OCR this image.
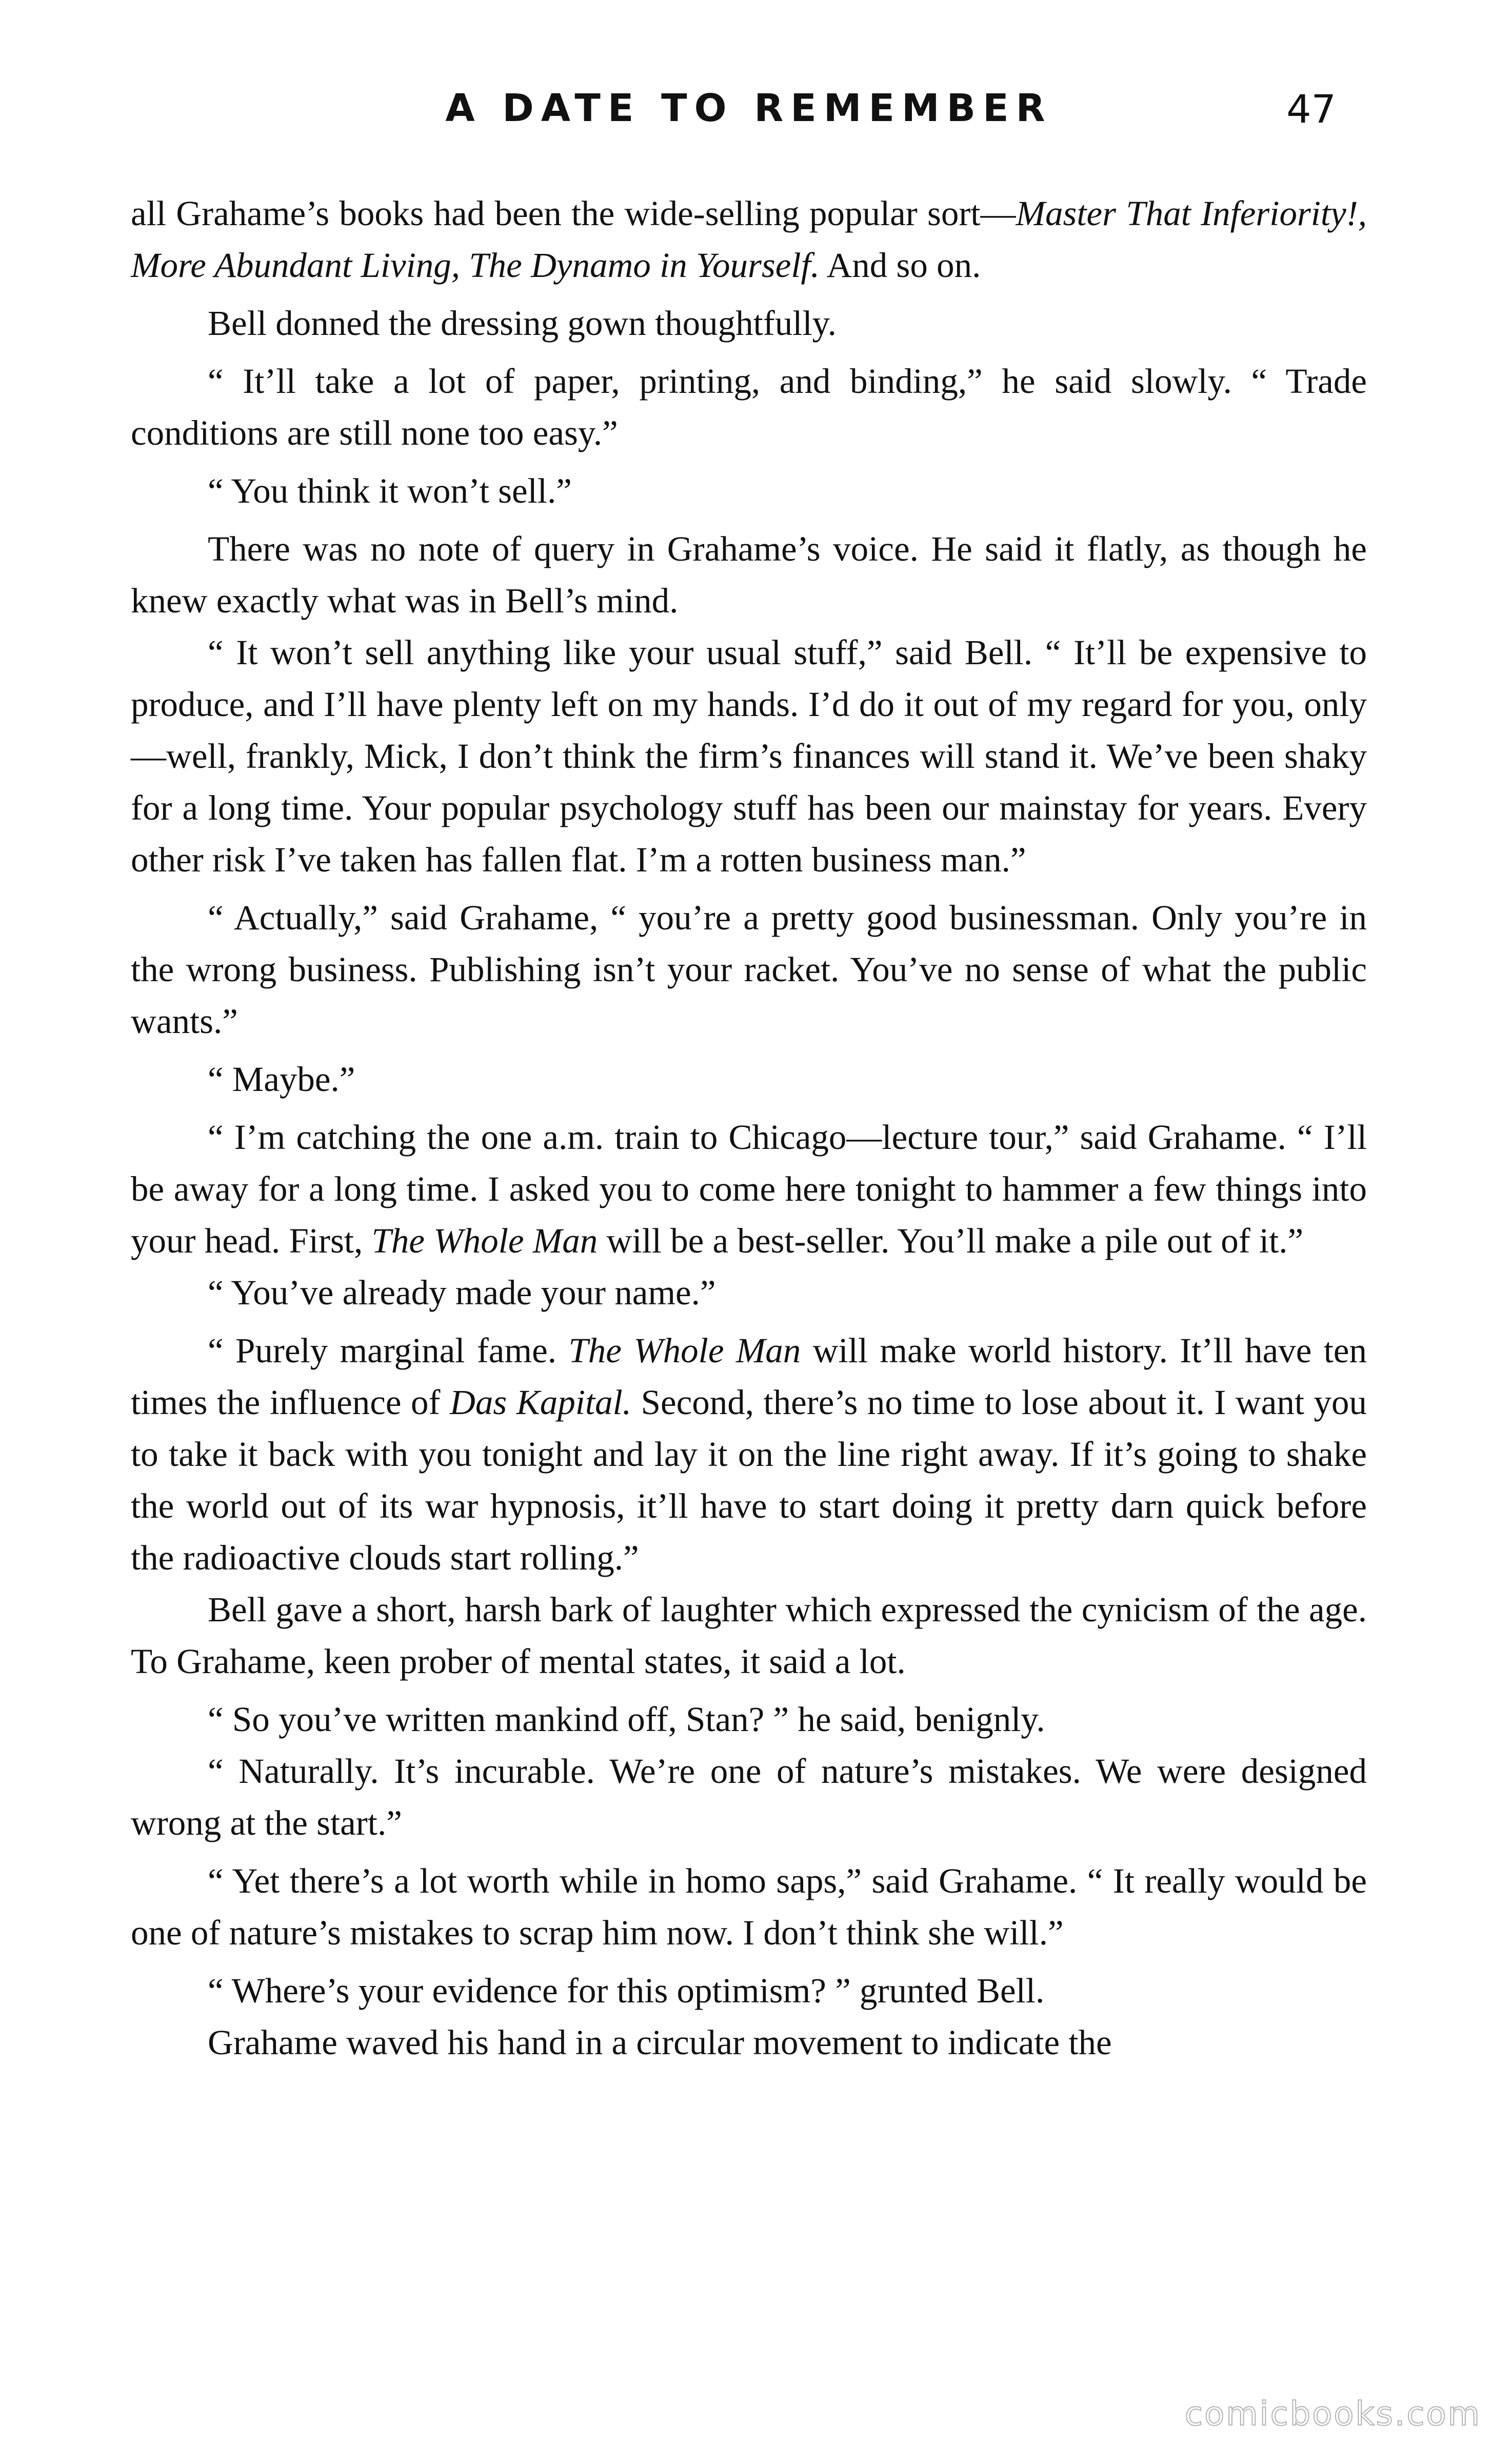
A DATE TO REMEMBER	47

all Grahame’s books had been the wide-selling popular sort—Master That Inferiority!, More Abundant Living, The Dynamo in Yourself. And so on.

Bell donned the dressing gown thoughtfully.

“ It’ll take a lot of paper, printing, and binding,” he said slowly. “ Trade conditions are still none too easy.”

“ You think it won’t sell.”

There was no note of query in Grahame’s voice. He said it flatly, as though he knew exactly what was in Bell’s mind.

“ It won’t sell anything like your usual stuff,” said Bell. “ It’ll be expensive to produce, and I’ll have plenty left on my hands. I’d do it out of my regard for you, only—well, frankly, Mick, I don’t think the firm’s finances will stand it. We’ve been shaky for a long time. Your popular psychology stuff has been our mainstay for years. Every other risk I’ve taken has fallen flat. I’m a rotten business man.”

“ Actually,” said Grahame, “ you’re a pretty good businessman. Only you’re in the wrong business. Publishing isn’t your racket. You’ve no sense of what the public wants.”

“ Maybe.”

“ I’m catching the one a.m. train to Chicago—lecture tour,” said Grahame. “ I’ll be away for a long time. I asked you to come here tonight to hammer a few things into your head. First, The Whole Man will be a best-seller. You’ll make a pile out of it.”

“ You’ve already made your name.”

“ Purely marginal fame. The Whole Man will make world history. It’ll have ten times the influence of Das Kapital. Second, there’s no time to lose about it. I want you to take it back with you tonight and lay it on the line right away. If it’s going to shake the world out of its war hypnosis, it’ll have to start doing it pretty darn quick before the radioactive clouds start rolling.”

Bell gave a short, harsh bark of laughter which expressed the cynicism of the age. To Grahame, keen prober of mental states, it said a lot.

“ So you’ve written mankind off, Stan? ” he said, benignly.

“ Naturally. It’s incurable. We’re one of nature’s mistakes. We were designed wrong at the start.”

“ Yet there’s a lot worth while in homo saps,” said Grahame. “ It really would be one of nature’s mistakes to scrap him now. I don’t think she will.”

“ Where’s your evidence for this optimism? ” grunted Bell.

Grahame waved his hand in a circular movement to indicate the

comicbooks.com
